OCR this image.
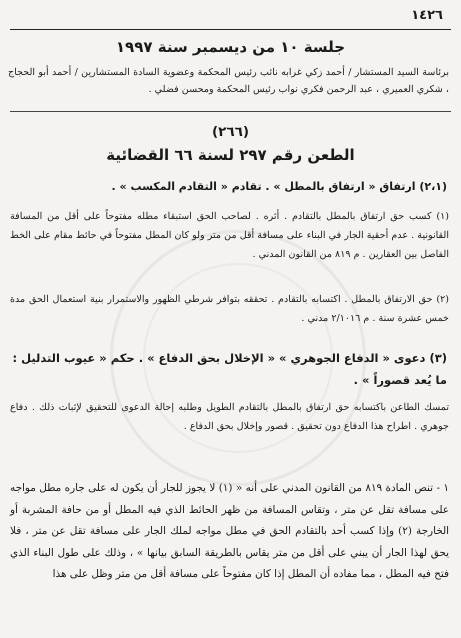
١٤٢٦
جلسة ١٠ من ديسمبر سنة ١٩٩٧
برئاسة السيد المستشار / أحمد زكي غرابه نائب رئيس المحكمة وعضوية السادة المستشارين / أحمد أبو الحجاج ، شكري العميري ، عبد الرحمن فكري نواب رئيس المحكمة ومحسن فضلي .
(٢٦٦)
الطعن رقم ٢٩٧ لسنة ٦٦ القضائية
(٢،١) ارتفاق « ارتفاق بالمطل » . تقادم « التقادم المكسب » .
(١) كسب حق ارتفاق بالمطل بالتقادم . أثره . لصاحب الحق استبقاء مطله مفتوحاً على أقل من المسافة القانونية . عدم أحقية الجار في البناء على مسافة أقل من متر ولو كان المطل مفتوحاً في حائط مقام على الخط الفاصل بين العقارين . م ٨١٩ من القانون المدني .
(٢) حق الارتفاق بالمطل . اكتسابه بالتقادم . تحققه بتوافر شرطي الظهور والاستمرار بنية استعمال الحق مدة خمس عشرة سنة . م ٢/١٠١٦ مدني .
(٣) دعوى « الدفاع الجوهري » « الإخلال بحق الدفاع » . حكم « عيوب التدليل : ما يُعد قصوراً » .
تمسك الطاعن باكتسابه حق ارتفاق بالمطل بالتقادم الطويل وطلبه إحالة الدعوى للتحقيق لإثبات ذلك . دفاع جوهري . اطراح هذا الدفاع دون تحقيق . قصور وإخلال بحق الدفاع .
١ - تنص المادة ٨١٩ من القانون المدني على أنه « (١) لا يجوز للجار أن يكون له على جاره مطل مواجه على مسافة تقل عن متر ، وتقاس المسافة من ظهر الحائط الذي فيه المطل أو من حافة المشربة أو الخارجة (٢) وإذا كسب أحد بالتقادم الحق في مطل مواجه لملك الجار على مسافة تقل عن متر ، فلا يحق لهذا الجار أن يبني على أقل من متر يقاس بالطريقة السابق بيانها » ، وذلك على طول البناء الذي فتح فيه المطل ، مما مفاده أن المطل إذا كان مفتوحاً على مسافة أقل من متر وظل على هذا
